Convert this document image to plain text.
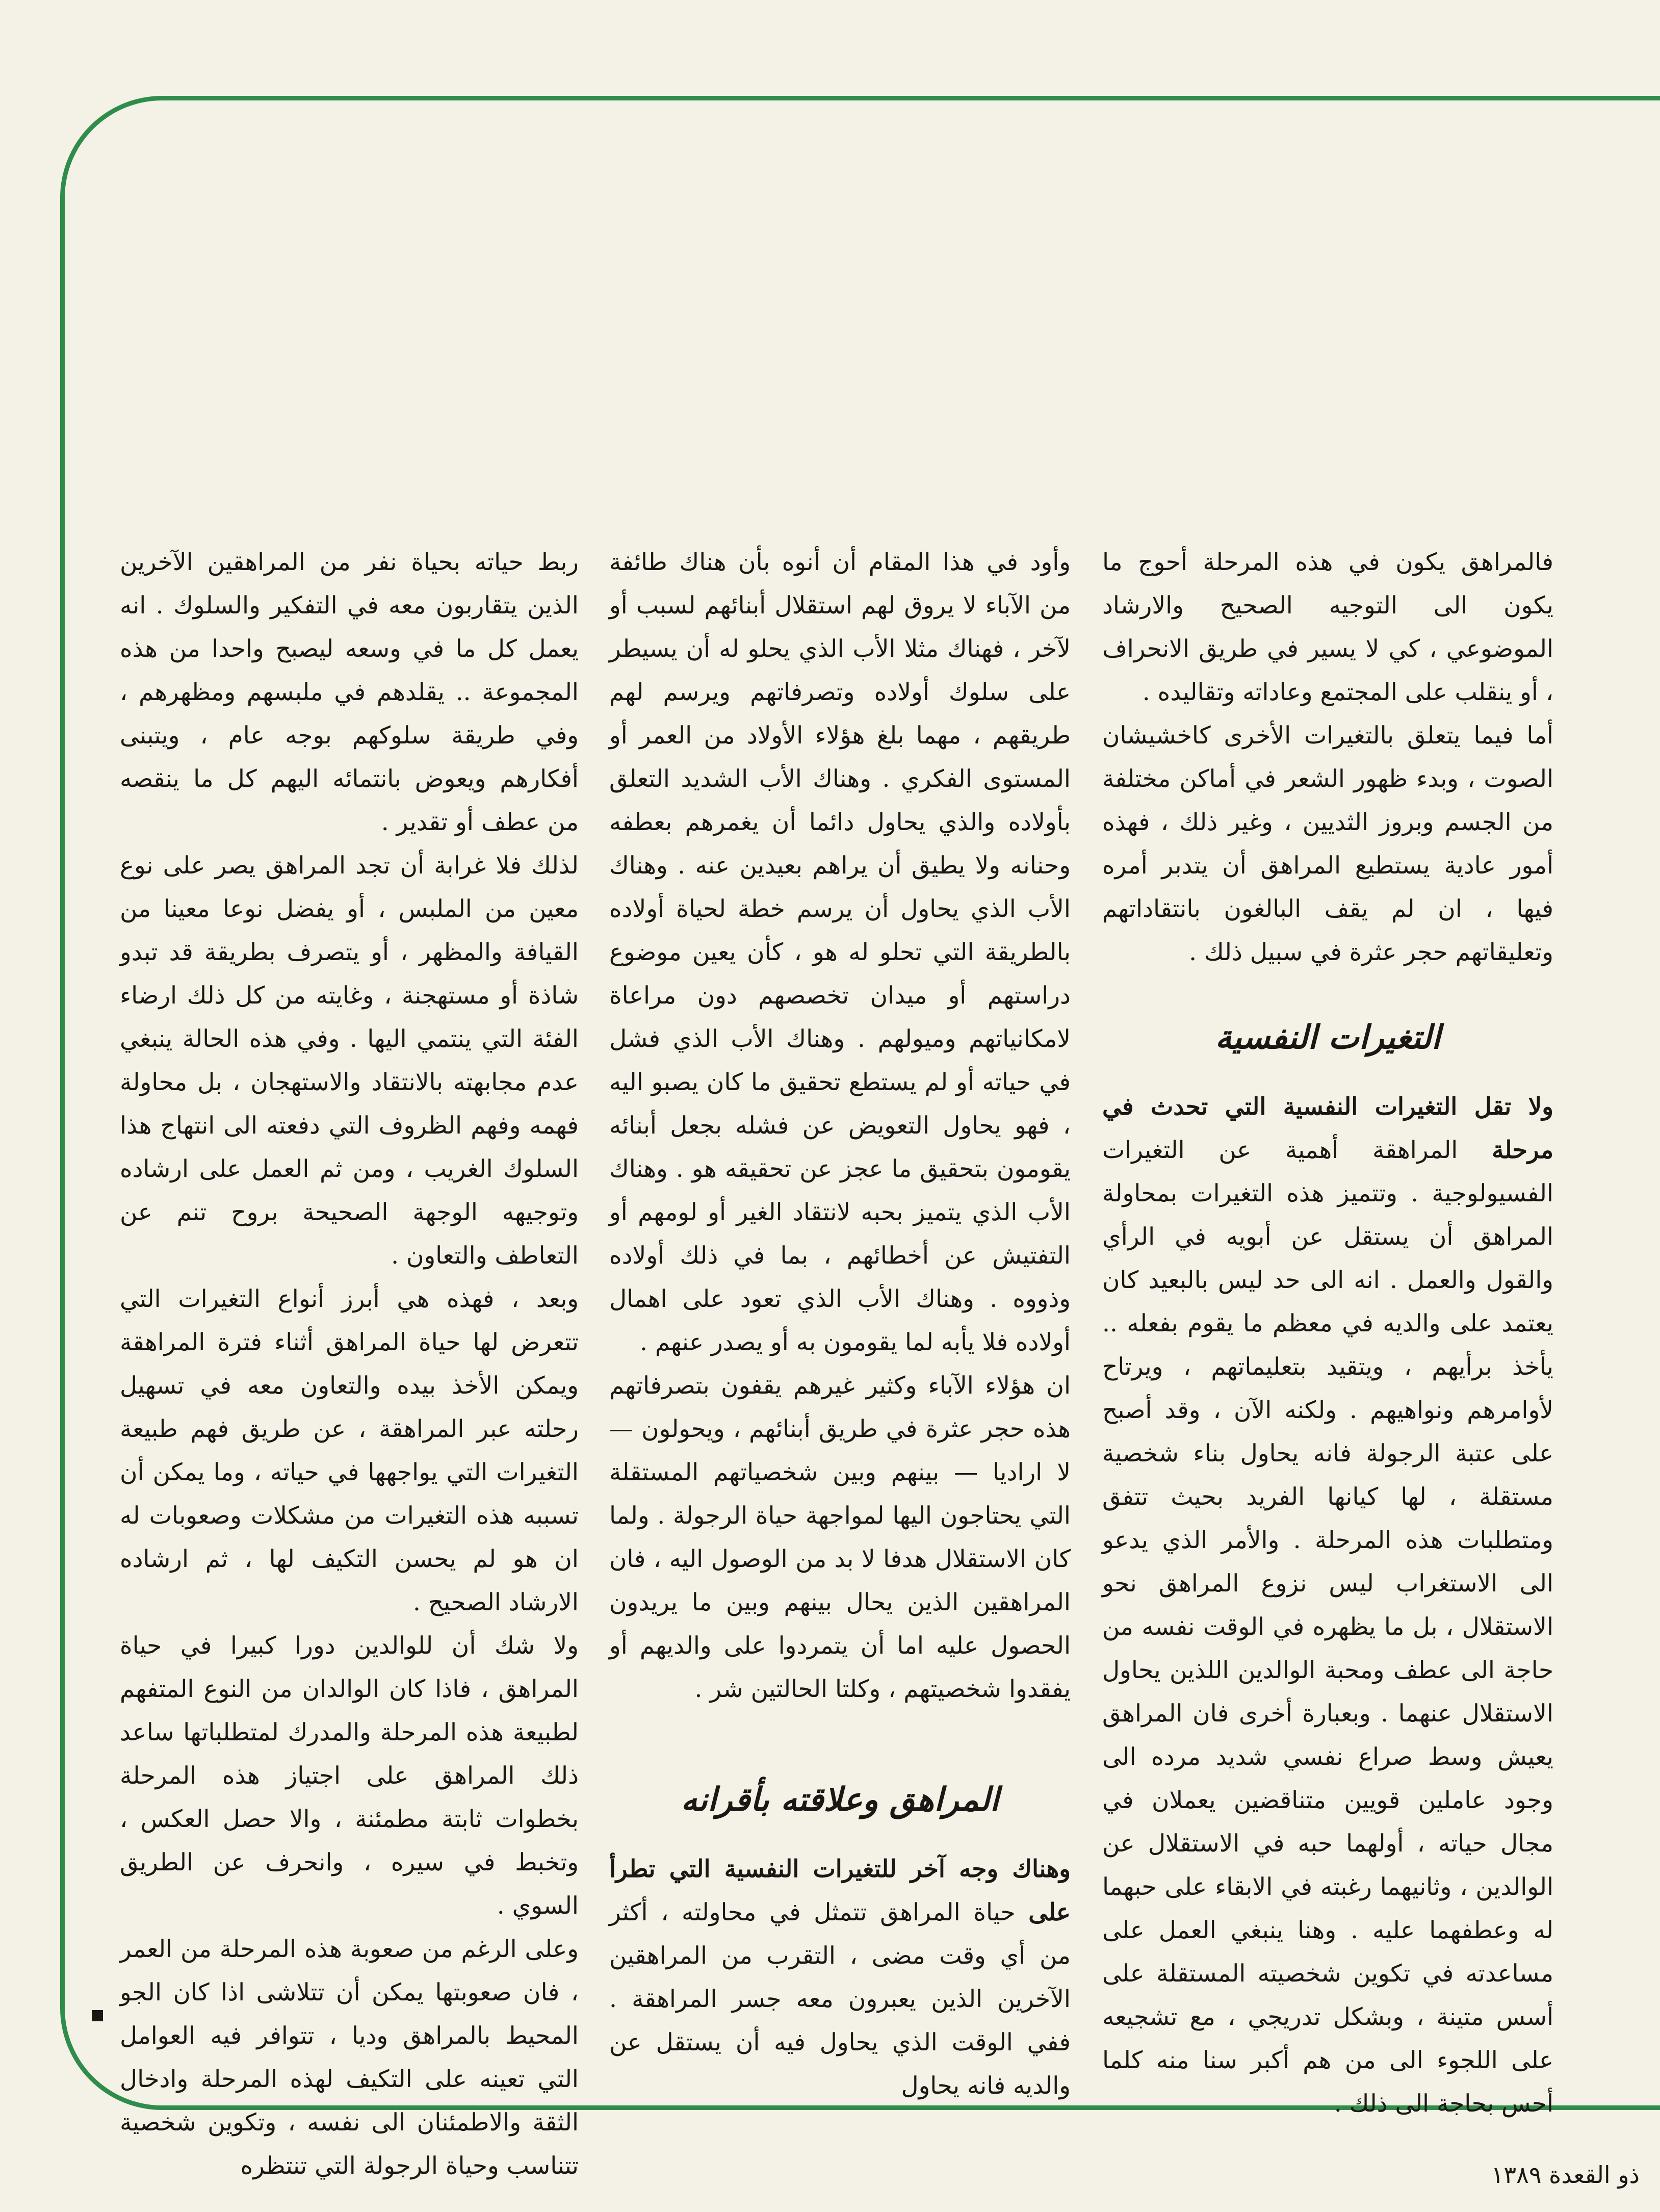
فالمراهق يكون في هذه المرحلة أحوج ما يكون الى التوجيه الصحيح والارشاد الموضوعي ، كي لا يسير في طريق الانحراف ، أو ينقلب على المجتمع وعاداته وتقاليده .

أما فيما يتعلق بالتغيرات الأخرى كاخشيشان الصوت ، وبدء ظهور الشعر في أماكن مختلفة من الجسم وبروز الثديين ، وغير ذلك ، فهذه أمور عادية يستطيع المراهق أن يتدبر أمره فيها ، ان لم يقف البالغون بانتقاداتهم وتعليقاتهم حجر عثرة في سبيل ذلك .

التغيرات النفسية

ولا تقل التغيرات النفسية التي تحدث في مرحلة المراهقة أهمية عن التغيرات الفسيولوجية . وتتميز هذه التغيرات بمحاولة المراهق أن يستقل عن أبويه في الرأي والقول والعمل . انه الى حد ليس بالبعيد كان يعتمد على والديه في معظم ما يقوم بفعله .. يأخذ برأيهم ، ويتقيد بتعليماتهم ، ويرتاح لأوامرهم ونواهيهم . ولكنه الآن ، وقد أصبح على عتبة الرجولة فانه يحاول بناء شخصية مستقلة ، لها كيانها الفريد بحيث تتفق ومتطلبات هذه المرحلة . والأمر الذي يدعو الى الاستغراب ليس نزوع المراهق نحو الاستقلال ، بل ما يظهره في الوقت نفسه من حاجة الى عطف ومحبة الوالدين اللذين يحاول الاستقلال عنهما . وبعبارة أخرى فان المراهق يعيش وسط صراع نفسي شديد مرده الى وجود عاملين قويين متناقضين يعملان في مجال حياته ، أولهما حبه في الاستقلال عن الوالدين ، وثانيهما رغبته في الابقاء على حبهما له وعطفهما عليه . وهنا ينبغي العمل على مساعدته في تكوين شخصيته المستقلة على أسس متينة ، وبشكل تدريجي ، مع تشجيعه على اللجوء الى من هم أكبر سنا منه كلما أحس بحاجة الى ذلك .

وأود في هذا المقام أن أنوه بأن هناك طائفة من الآباء لا يروق لهم استقلال أبنائهم لسبب أو لآخر ، فهناك مثلا الأب الذي يحلو له أن يسيطر على سلوك أولاده وتصرفاتهم ويرسم لهم طريقهم ، مهما بلغ هؤلاء الأولاد من العمر أو المستوى الفكري . وهناك الأب الشديد التعلق بأولاده والذي يحاول دائما أن يغمرهم بعطفه وحنانه ولا يطيق أن يراهم بعيدين عنه . وهناك الأب الذي يحاول أن يرسم خطة لحياة أولاده بالطريقة التي تحلو له هو ، كأن يعين موضوع دراستهم أو ميدان تخصصهم دون مراعاة لامكانياتهم وميولهم . وهناك الأب الذي فشل في حياته أو لم يستطع تحقيق ما كان يصبو اليه ، فهو يحاول التعويض عن فشله بجعل أبنائه يقومون بتحقيق ما عجز عن تحقيقه هو . وهناك الأب الذي يتميز بحبه لانتقاد الغير أو لومهم أو التفتيش عن أخطائهم ، بما في ذلك أولاده وذووه . وهناك الأب الذي تعود على اهمال أولاده فلا يأبه لما يقومون به أو يصدر عنهم .

ان هؤلاء الآباء وكثير غيرهم يقفون بتصرفاتهم هذه حجر عثرة في طريق أبنائهم ، ويحولون — لا اراديا — بينهم وبين شخصياتهم المستقلة التي يحتاجون اليها لمواجهة حياة الرجولة . ولما كان الاستقلال هدفا لا بد من الوصول اليه ، فان المراهقين الذين يحال بينهم وبين ما يريدون الحصول عليه اما أن يتمردوا على والديهم أو يفقدوا شخصيتهم ، وكلتا الحالتين شر .

المراهق وعلاقته بأقرانه

وهناك وجه آخر للتغيرات النفسية التي تطرأ على حياة المراهق تتمثل في محاولته ، أكثر من أي وقت مضى ، التقرب من المراهقين الآخرين الذين يعبرون معه جسر المراهقة . ففي الوقت الذي يحاول فيه أن يستقل عن والديه فانه يحاول

ربط حياته بحياة نفر من المراهقين الآخرين الذين يتقاربون معه في التفكير والسلوك . انه يعمل كل ما في وسعه ليصبح واحدا من هذه المجموعة .. يقلدهم في ملبسهم ومظهرهم ، وفي طريقة سلوكهم بوجه عام ، ويتبنى أفكارهم ويعوض بانتمائه اليهم كل ما ينقصه من عطف أو تقدير .

لذلك فلا غرابة أن تجد المراهق يصر على نوع معين من الملبس ، أو يفضل نوعا معينا من القيافة والمظهر ، أو يتصرف بطريقة قد تبدو شاذة أو مستهجنة ، وغايته من كل ذلك ارضاء الفئة التي ينتمي اليها . وفي هذه الحالة ينبغي عدم مجابهته بالانتقاد والاستهجان ، بل محاولة فهمه وفهم الظروف التي دفعته الى انتهاج هذا السلوك الغريب ، ومن ثم العمل على ارشاده وتوجيهه الوجهة الصحيحة بروح تنم عن التعاطف والتعاون .

وبعد ، فهذه هي أبرز أنواع التغيرات التي تتعرض لها حياة المراهق أثناء فترة المراهقة ويمكن الأخذ بيده والتعاون معه في تسهيل رحلته عبر المراهقة ، عن طريق فهم طبيعة التغيرات التي يواجهها في حياته ، وما يمكن أن تسببه هذه التغيرات من مشكلات وصعوبات له ان هو لم يحسن التكيف لها ، ثم ارشاده الارشاد الصحيح .

ولا شك أن للوالدين دورا كبيرا في حياة المراهق ، فاذا كان الوالدان من النوع المتفهم لطبيعة هذه المرحلة والمدرك لمتطلباتها ساعد ذلك المراهق على اجتياز هذه المرحلة بخطوات ثابتة مطمئنة ، والا حصل العكس ، وتخبط في سيره ، وانحرف عن الطريق السوي .

وعلى الرغم من صعوبة هذه المرحلة من العمر ، فان صعوبتها يمكن أن تتلاشى اذا كان الجو المحيط بالمراهق وديا ، تتوافر فيه العوامل التي تعينه على التكيف لهذه المرحلة وادخال الثقة والاطمئنان الى نفسه ، وتكوين شخصية تتناسب وحياة الرجولة التي تنتظره	ذو القعدة ١٣٨٩
